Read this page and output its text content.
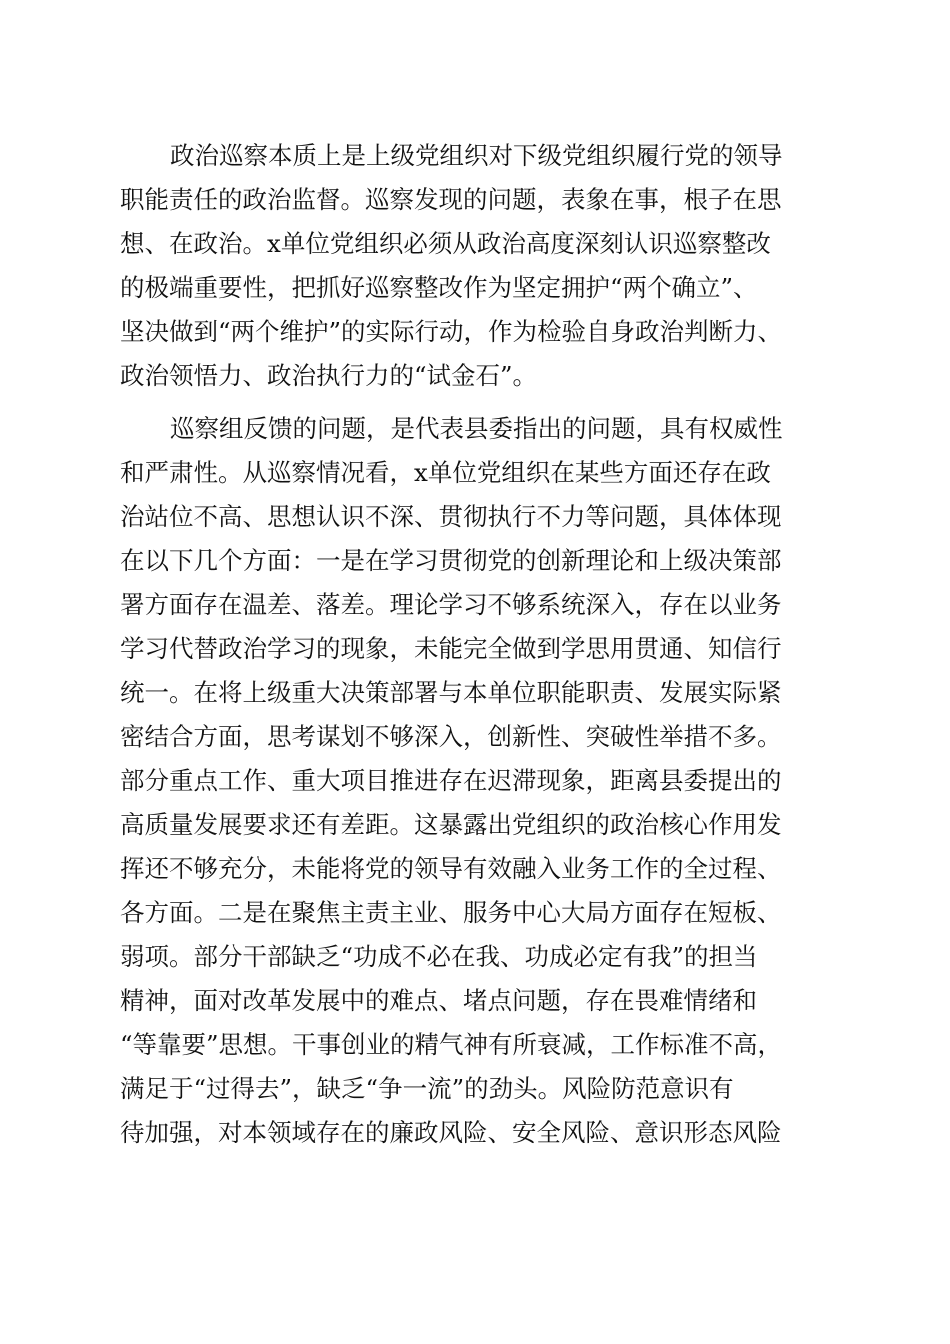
政治巡察本质上是上级党组织对下级党组织履行党的领导

职能责任的政治监督。巡察发现的问题，表象在事，根子在思

想、在政治。x单位党组织必须从政治高度深刻认识巡察整改

的极端重要性，把抓好巡察整改作为坚定拥护“两个确立”、

坚决做到“两个维护”的实际行动，作为检验自身政治判断力、

政治领悟力、政治执行力的“试金石”。

巡察组反馈的问题，是代表县委指出的问题，具有权威性

和严肃性。从巡察情况看，x单位党组织在某些方面还存在政

治站位不高、思想认识不深、贯彻执行不力等问题，具体体现

在以下几个方面：一是在学习贯彻党的创新理论和上级决策部

署方面存在温差、落差。理论学习不够系统深入，存在以业务

学习代替政治学习的现象，未能完全做到学思用贯通、知信行

统一。在将上级重大决策部署与本单位职能职责、发展实际紧

密结合方面，思考谋划不够深入，创新性、突破性举措不多。

部分重点工作、重大项目推进存在迟滞现象，距离县委提出的

高质量发展要求还有差距。这暴露出党组织的政治核心作用发

挥还不够充分，未能将党的领导有效融入业务工作的全过程、

各方面。二是在聚焦主责主业、服务中心大局方面存在短板、

弱项。部分干部缺乏“功成不必在我、功成必定有我”的担当

精神，面对改革发展中的难点、堵点问题，存在畏难情绪和

“等靠要”思想。干事创业的精气神有所衰减，工作标准不高，

满足于“过得去”，缺乏“争一流”的劲头。风险防范意识有

待加强，对本领域存在的廉政风险、安全风险、意识形态风险
